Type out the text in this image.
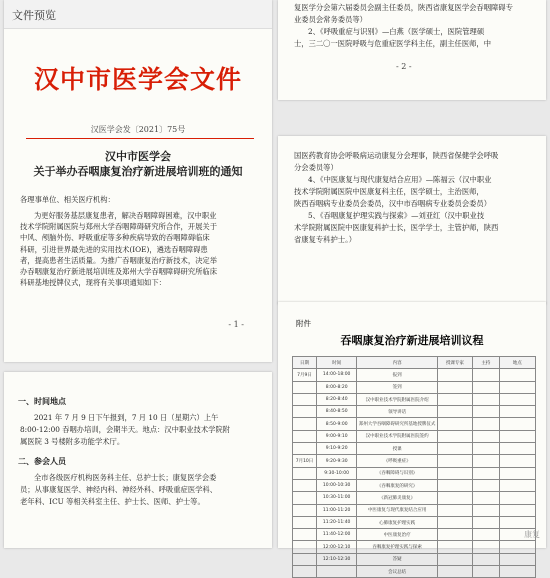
文件预览
汉中市医学会文件
汉医学会发〔2021〕75号
汉中市医学会
关于举办吞咽康复治疗新进展培训班的通知
各理事单位、相关医疗机构：
为更好服务基层康复患者，解决吞咽障碍困难，汉中职业
技术学院附属医院与郑州大学吞咽障碍研究所合作，开展关于
中风、颅脑外伤、呼吸重症等多种疾病导致的吞咽障碍临床
科研，引进世界最先进的实用技术(IOE)，遴选吞咽障碍患
者，提高患者生活质量。为推广吞咽康复治疗新技术，决定举
办吞咽康复治疗新进展培训班及郑州大学吞咽障碍研究所临床
科研基地授牌仪式，现将有关事项通知如下：
- 1 -
一、时间地点
2021 年 7 月 9 日下午报到，7 月 10 日（星期六）上午
8:00-12:00 吞咽办培训，会期半天。地点：汉中职业技术学院附
属医院 3 号楼附多功能学术厅。
二、参会人员
全市各级医疗机构医务科主任、总护士长；康复医学会委
员；从事康复医学、神经内科、神经外科、呼吸重症医学科、
老年科、ICU 等相关科室主任、护士长、医师、护士等。
复医学分会第六届委员会副主任委员，陕西省康复医学会吞咽障碍专
业委员会常务委员等）
2、《呼吸重症与识别》—白燕（医学硕士，医院管理硕
士，三二〇一医院呼吸与危重症医学科主任，副主任医师，中
- 2 -
国医药教育协会呼吸病运动康复分会理事，陕西省保健学会呼吸
分会委员等）
4、《中医康复与现代康复结合应用》—陈福云（汉中职业
技术学院附属医院中医康复科主任，医学硕士，主治医师，
陕西吞咽病专业委员会委员，汉中市吞咽病专业委员会委员）
5、《吞咽康复护理实践与探索》—刘亚红（汉中职业技
术学院附属医院中医康复科护士长，医学学士，主管护师，陕西
省康复专科护士。）
附件
吞咽康复治疗新进展培训议程
日期	时间	内容	授课专家	主持	地点
7月9日	14:00-18:00	报到			
	8:00-8:20	签到			
	8:20-8:40	汉中职业技术学院附属医院介绍			
	8:40-8:50	领导讲话			
	8:50-9:00	郑州大学吞咽障碍研究所基地授牌仪式			
	9:00-9:10	汉中职业技术学院附属医院签约			
	9:10-9:20	授课			
7月10日	9:20-9:30	《呼吸重症》			
	9:30-10:00	《吞咽障碍与识别》			
	10:00-10:30	《吞咽康复的研究》			
	10:30-11:00	《新冠肺炎康复》			
	11:00-11:20	中医康复与现代康复结合应用			
	11:20-11:40	心肺康复护理实践			
	11:40-12:00	中医康复治疗			
	12:00-12:10	吞咽康复护理实践与探索			
	12:10-12:30	答疑			
		会议总结			
康复
